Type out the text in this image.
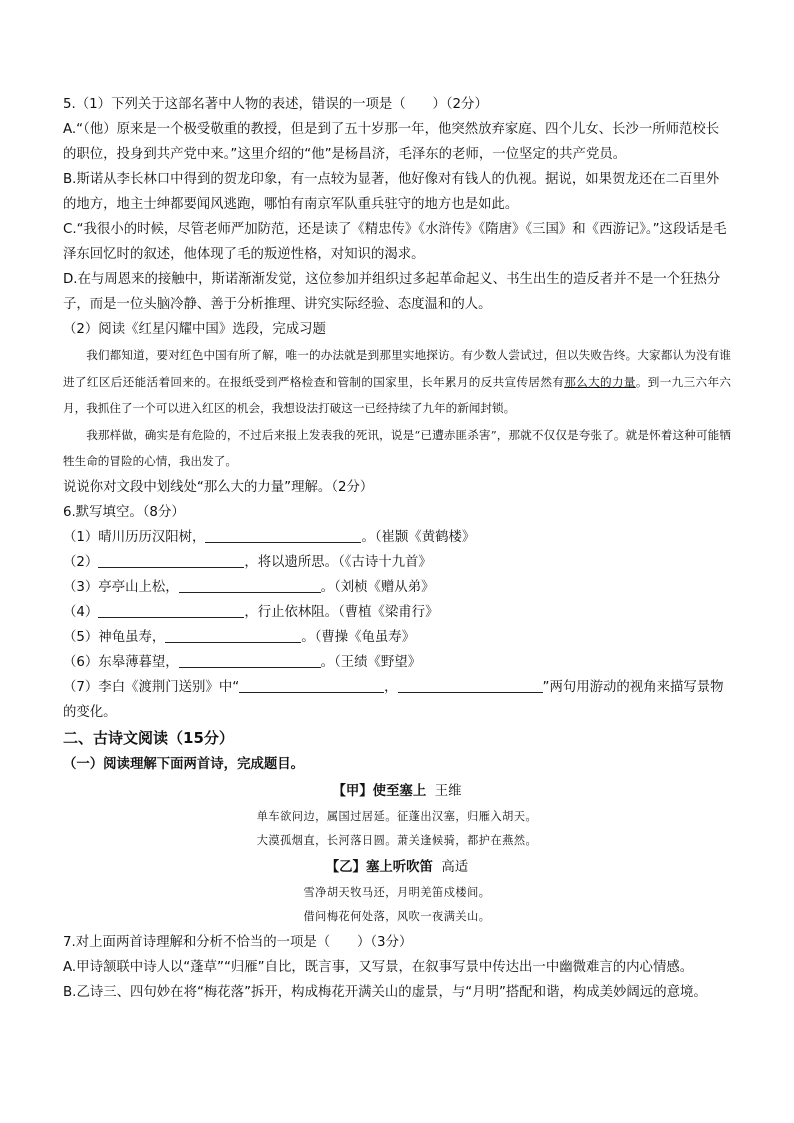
5.（1）下列关于这部名著中人物的表述，错误的一项是（　　）（2分）
A.“（他）原来是一个极受敬重的教授，但是到了五十岁那一年，他突然放弃家庭、四个儿女、长沙一所师范校长的职位，投身到共产党中来。”这里介绍的“他”是杨昌济，毛泽东的老师，一位坚定的共产党员。
B.斯诺从李长林口中得到的贺龙印象，有一点较为显著，他好像对有钱人的仇视。据说，如果贺龙还在二百里外的地方，地主士绅都要闻风逃跑，哪怕有南京军队重兵驻守的地方也是如此。
C.“我很小的时候，尽管老师严加防范，还是读了《精忠传》《水浒传》《隋唐》《三国》和《西游记》。”这段话是毛泽东回忆时的叙述，他体现了毛的叛逆性格，对知识的渴求。
D.在与周恩来的接触中，斯诺渐渐发觉，这位参加并组织过多起革命起义、书生出生的造反者并不是一个狂热分子，而是一位头脑冷静、善于分析推理、讲究实际经验、态度温和的人。
（2）阅读《红星闪耀中国》选段，完成习题

我们都知道，要对红色中国有所了解，唯一的办法就是到那里实地探访。有少数人尝试过，但以失败告终。大家都认为没有谁进了红区后还能活着回来的。在报纸受到严格检查和管制的国家里，长年累月的反共宣传居然有那么大的力量。到一九三六年六月，我抓住了一个可以进入红区的机会，我想设法打破这一已经持续了九年的新闻封锁。

我那样做，确实是有危险的，不过后来报上发表我的死讯，说是“已遭赤匪杀害”，那就不仅仅是夸张了。就是怀着这种可能牺牲生命的冒险的心情，我出发了。

说说你对文段中划线处“那么大的力量”理解。（2分）
6.默写填空。（8分）
（1）晴川历历汉阳树，	。（崔颢《黄鹤楼》
（2）	，将以遗所思。（《古诗十九首》
（3）亭亭山上松，	。（刘桢《赠从弟》
（4）	，行止依林阻。（曹植《梁甫行》
（5）神龟虽寿，	。（曹操《龟虽寿》
（6）东皋薄暮望，	。（王绩《野望》
（7）李白《渡荆门送别》中“	，	”两句用游动的视角来描写景物的变化。
二、古诗文阅读（15分）
（一）阅读理解下面两首诗，完成题目。
【甲】使至塞上 王维
单车欲问边，属国过居延。征蓬出汉塞，归雁入胡天。
大漠孤烟直，长河落日圆。萧关逢候骑，都护在燕然。
【乙】塞上听吹笛 高适
雪净胡天牧马还，月明羌笛戍楼间。
借问梅花何处落，风吹一夜满关山。
7.对上面两首诗理解和分析不恰当的一项是（　　）（3分）
A.甲诗颔联中诗人以“蓬草”“归雁”自比，既言事，又写景，在叙事写景中传达出一中幽微难言的内心情感。
B.乙诗三、四句妙在将“梅花落”拆开，构成梅花开满关山的虚景，与“月明”搭配和谐，构成美妙阔远的意境。
